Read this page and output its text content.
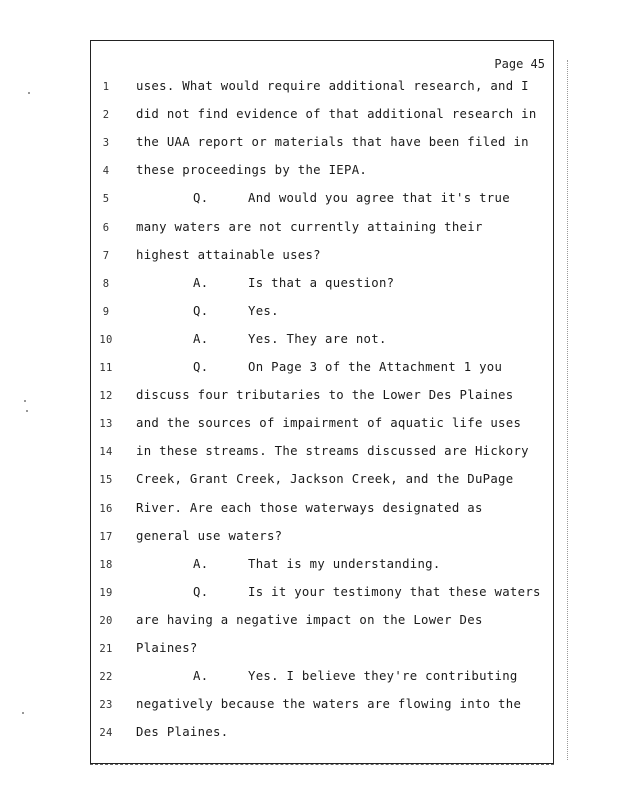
Page 45
1	uses. What would require additional research, and I
2	did not find evidence of that additional research in
3	the UAA report or materials that have been filed in
4	these proceedings by the IEPA.
5	Q.	And would you agree that it's true
6	many waters are not currently attaining their
7	highest attainable uses?
8	A.	Is that a question?
9	Q.	Yes.
10	A.	Yes. They are not.
11	Q.	On Page 3 of the Attachment 1 you
12 discuss four tributaries to the Lower Des Plaines
13 and the sources of impairment of aquatic life uses
14 in these streams. The streams discussed are Hickory
15 Creek, Grant Creek, Jackson Creek, and the DuPage
16 River. Are each those waterways designated as
17 general use waters?
18	A.	That is my understanding.
19	Q.	Is it your testimony that these waters
20 are having a negative impact on the Lower Des
21 Plaines?
22	A.	Yes. I believe they're contributing
23 negatively because the waters are flowing into the
24 Des Plaines.
